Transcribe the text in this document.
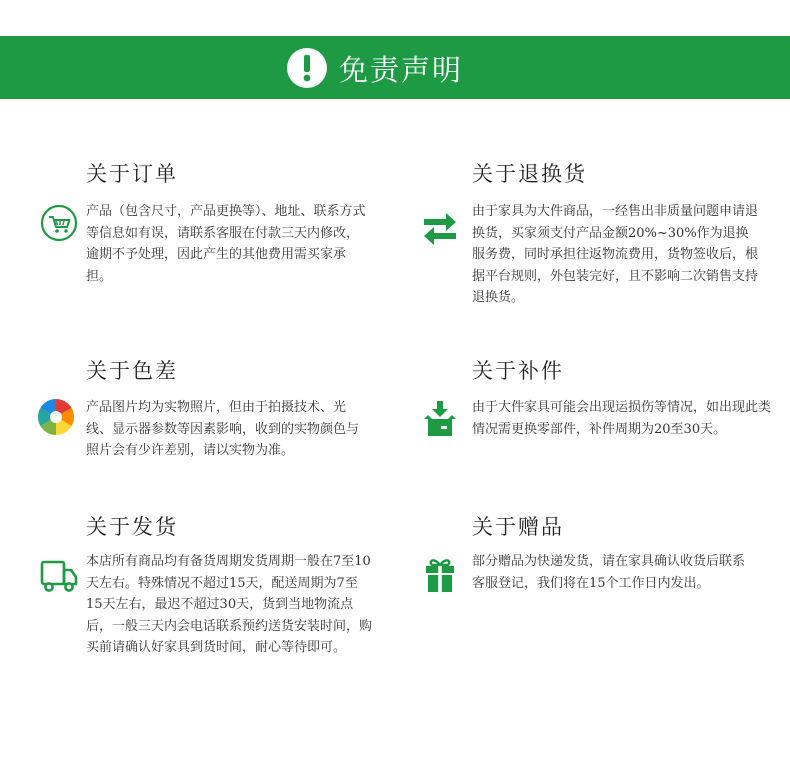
免责声明
关于订单
产品（包含尺寸，产品更换等）、地址、联系方式等信息如有误，请联系客服在付款三天内修改，逾期不予处理，因此产生的其他费用需买家承担。
关于退换货
由于家具为大件商品，一经售出非质量问题申请退换货，买家须支付产品金额20%~30%作为退换服务费，同时承担往返物流费用，货物签收后，根据平台规则，外包装完好，且不影响二次销售支持退换货。
关于色差
产品图片均为实物照片，但由于拍摄技术、光线、显示器参数等因素影响，收到的实物颜色与照片会有少许差别，请以实物为准。
关于补件
由于大件家具可能会出现运损伤等情况，如出现此类情况需更换零部件，补件周期为20至30天。
关于发货
本店所有商品均有备货周期发货周期一般在7至10天左右。特殊情况不超过15天，配送周期为7至15天左右，最迟不超过30天，货到当地物流点后，一般三天内会电话联系预约送货安装时间，购买前请确认好家具到货时间，耐心等待即可。
关于赠品
部分赠品为快递发货，请在家具确认收货后联系客服登记，我们将在15个工作日内发出。
